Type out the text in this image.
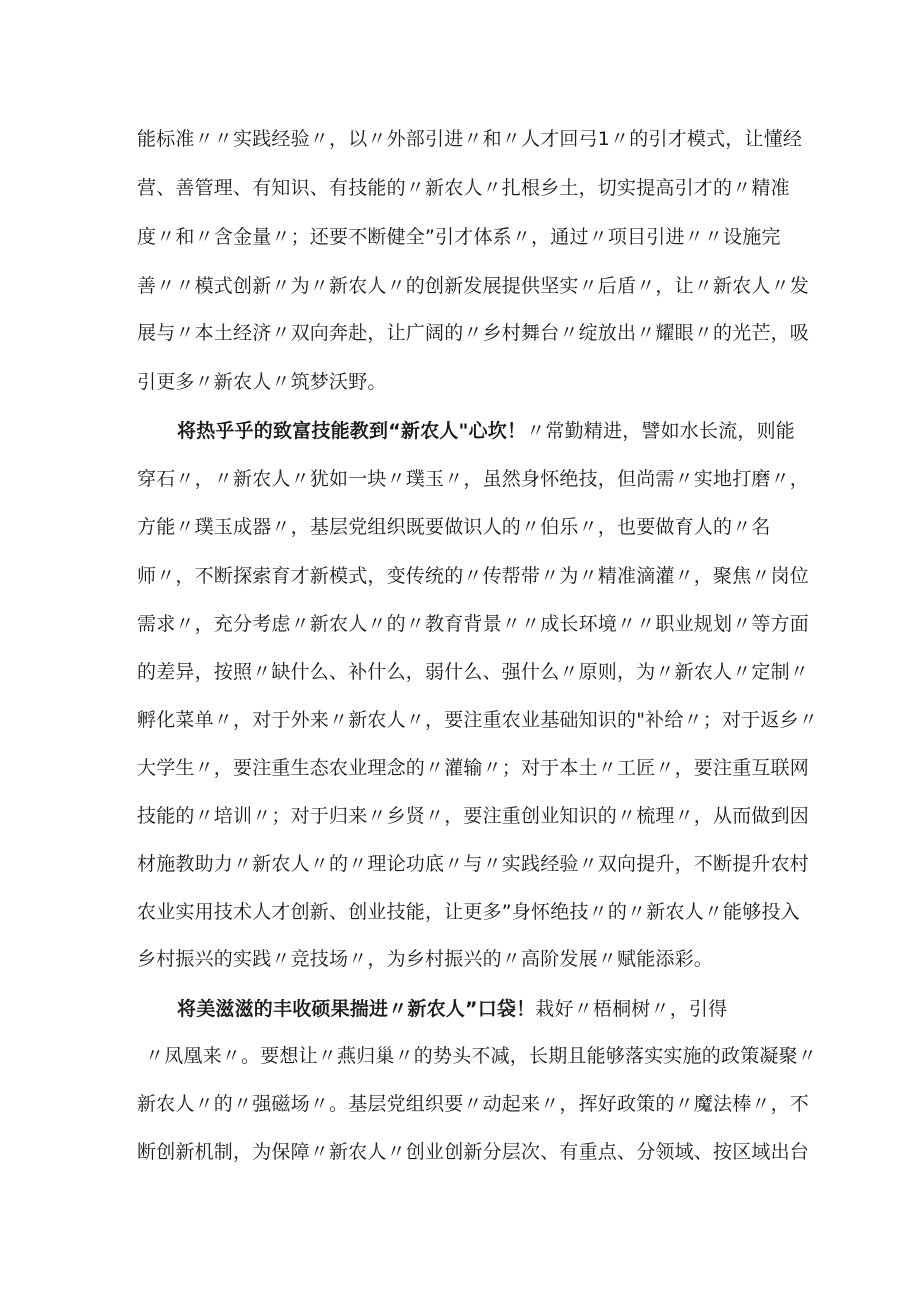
能标准〃〃实践经验〃，以〃外部引进〃和〃人才回弓1〃的引才模式，让懂经
营、善管理、有知识、有技能的〃新农人〃扎根乡土，切实提高引才的〃精准
度〃和〃含金量〃；还要不断健全”引才体系〃，通过〃项目引进〃〃设施完
善〃〃模式创新〃为〃新农人〃的创新发展提供坚实〃后盾〃，让〃新农人〃发
展与〃本土经济〃双向奔赴，让广阔的〃乡村舞台〃绽放出〃耀眼〃的光芒，吸
引更多〃新农人〃筑梦沃野。
将热乎乎的致富技能教到“新农人"心坎！〃常勤精进，譬如水长流，则能
穿石〃，〃新农人〃犹如一块〃璞玉〃，虽然身怀绝技，但尚需〃实地打磨〃，
方能〃璞玉成器〃，基层党组织既要做识人的〃伯乐〃，也要做育人的〃名
师〃，不断探索育才新模式，变传统的〃传帮带〃为〃精准滴灌〃，聚焦〃岗位
需求〃，充分考虑〃新农人〃的〃教育背景〃〃成长环境〃〃职业规划〃等方面
的差异，按照〃缺什么、补什么，弱什么、强什么〃原则，为〃新农人〃定制〃
孵化菜单〃，对于外来〃新农人〃，要注重农业基础知识的"补给〃；对于返乡〃
大学生〃，要注重生态农业理念的〃灌输〃；对于本土〃工匠〃，要注重互联网
技能的〃培训〃；对于归来〃乡贤〃，要注重创业知识的〃梳理〃，从而做到因
材施教助力〃新农人〃的〃理论功底〃与〃实践经验〃双向提升，不断提升农村
农业实用技术人才创新、创业技能，让更多”身怀绝技〃的〃新农人〃能够投入
乡村振兴的实践〃竞技场〃，为乡村振兴的〃高阶发展〃赋能添彩。
将美滋滋的丰收硕果揣进〃新农人”口袋！栽好〃梧桐树〃，引得
〃凤凰来〃。要想让〃燕归巢〃的势头不减，长期且能够落实实施的政策凝聚〃
新农人〃的〃强磁场〃。基层党组织要〃动起来〃，挥好政策的〃魔法棒〃，不
断创新机制，为保障〃新农人〃创业创新分层次、有重点、分领域、按区域出台
